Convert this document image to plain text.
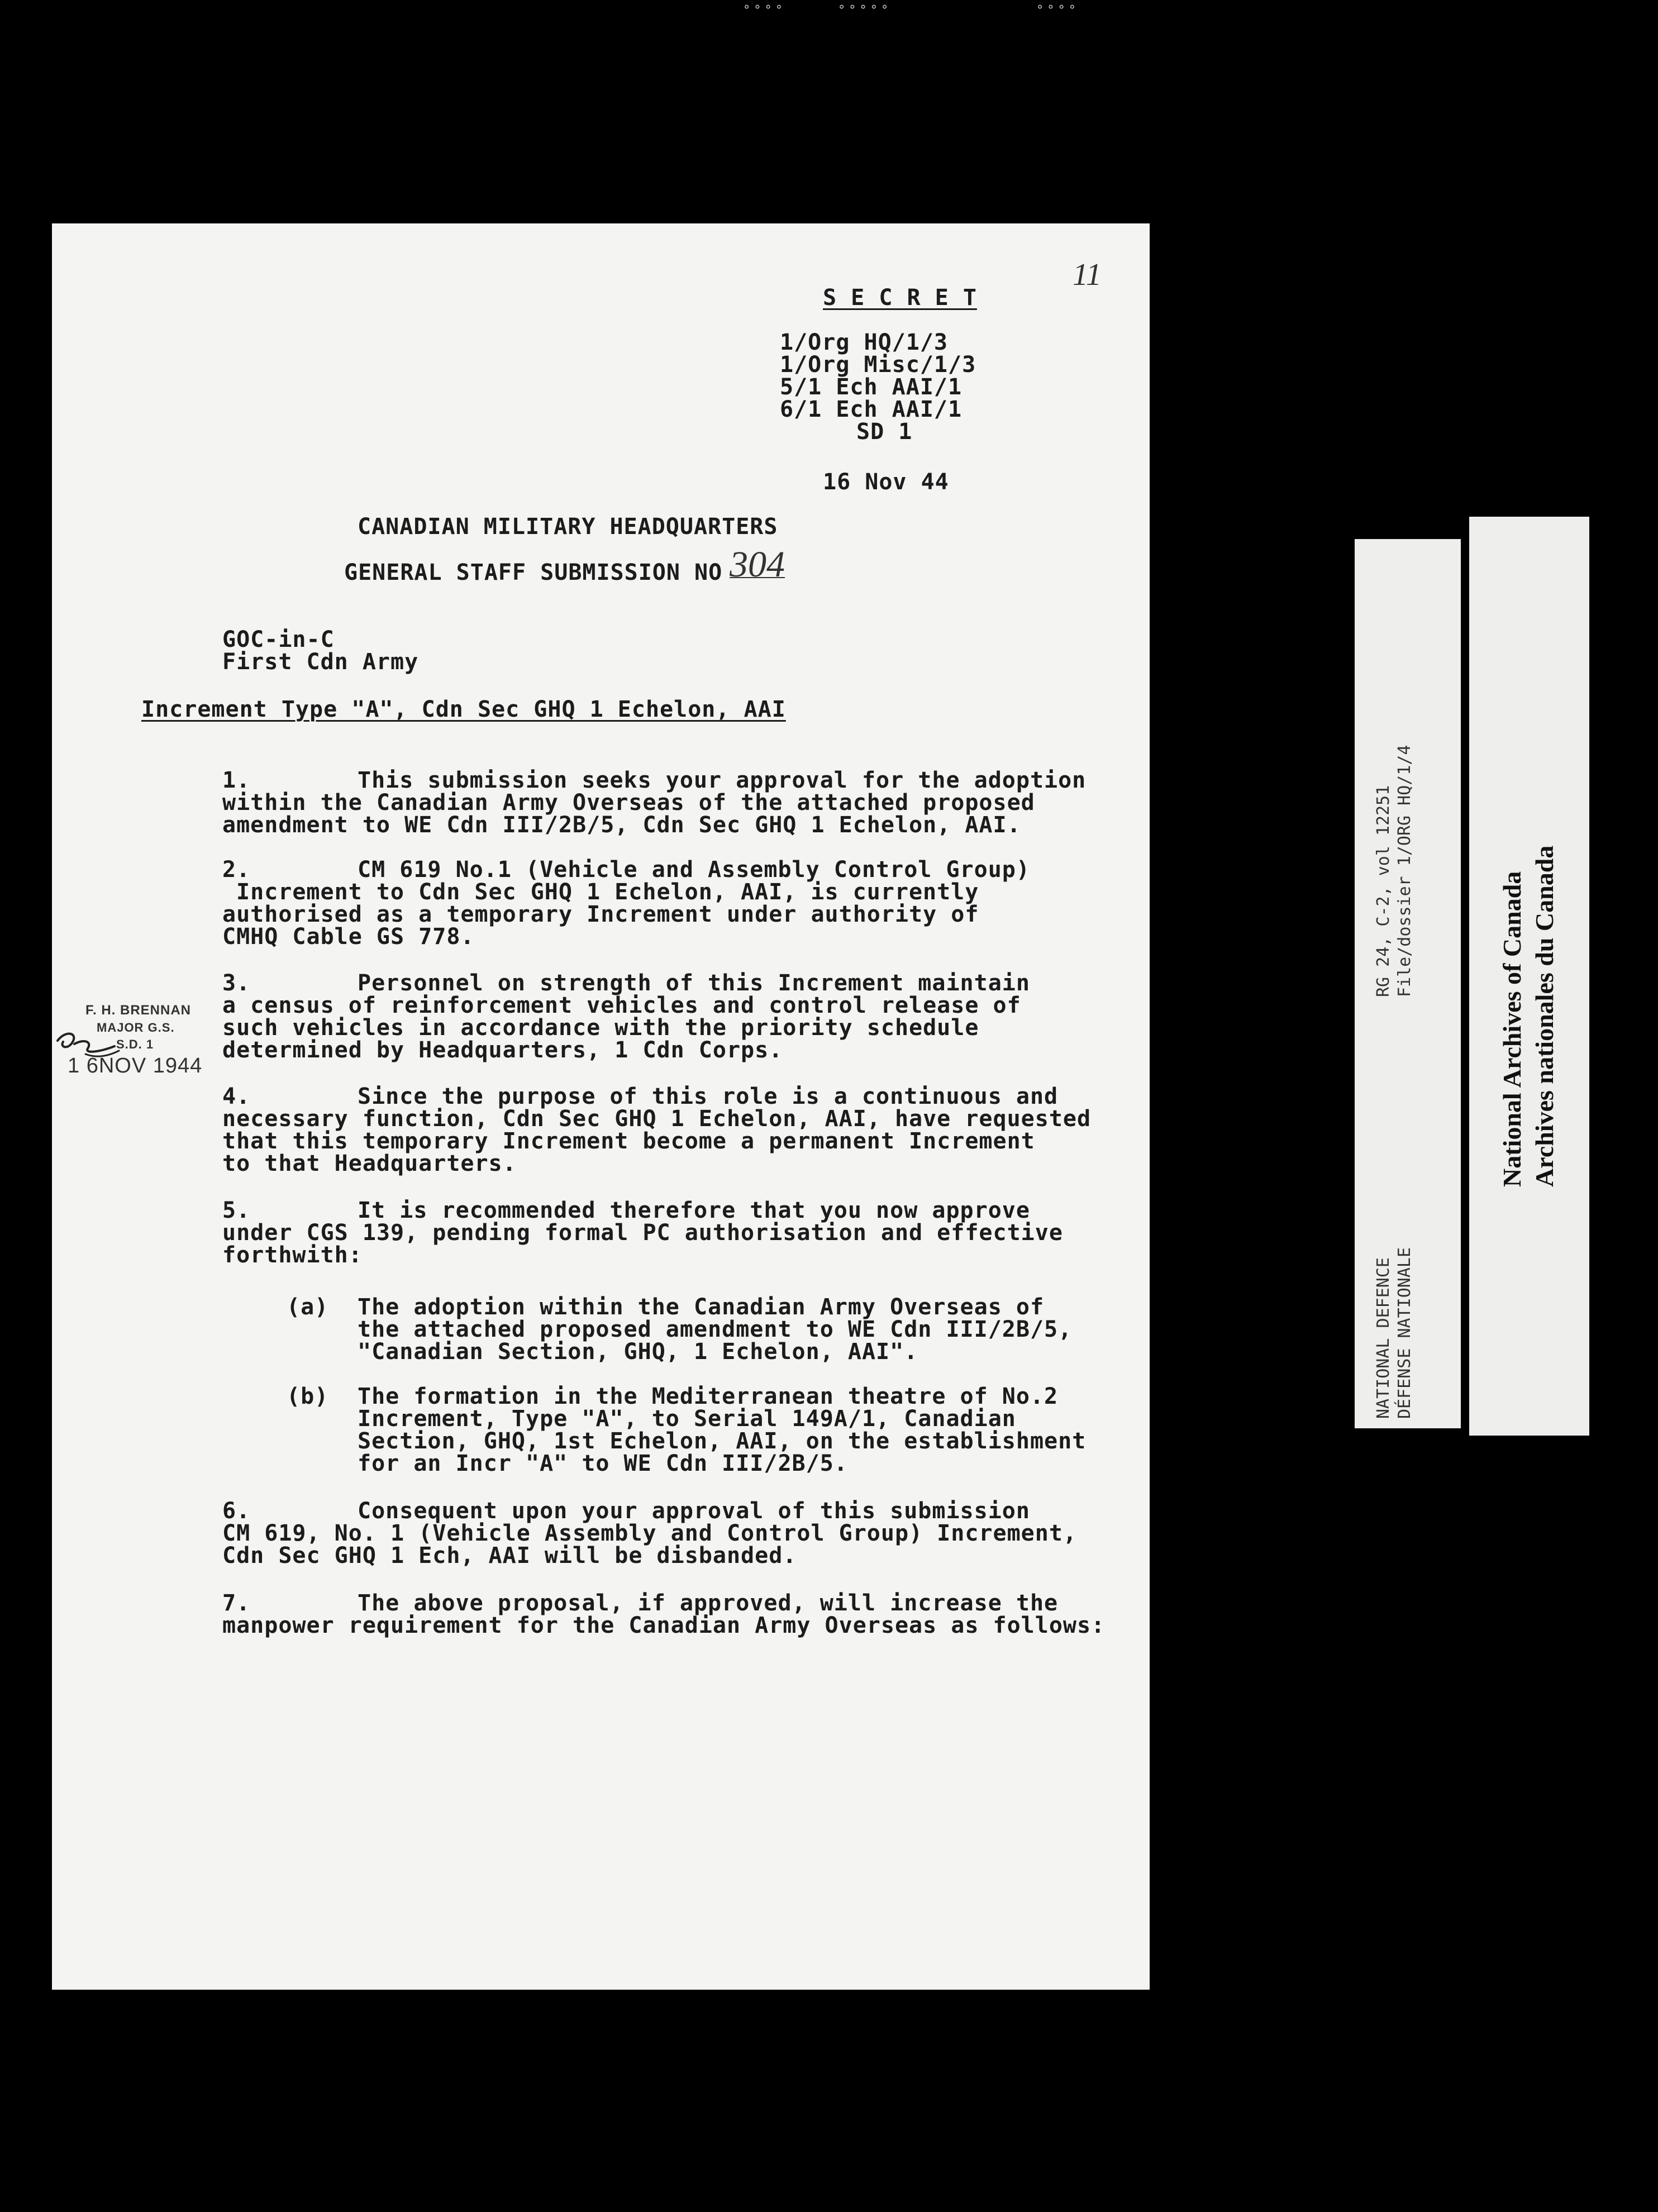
∘∘∘∘	∘∘∘∘∘	∘∘∘∘
S E C R E T
11
1/Org HQ/1/3
1/Org Misc/1/3
5/1 Ech AAI/1
6/1 Ech AAI/1
SD 1
16 Nov 44
CANADIAN MILITARY HEADQUARTERS
GENERAL STAFF SUBMISSION NO 304
GOC-in-C
First Cdn Army
Increment Type "A", Cdn Sec GHQ 1 Echelon, AAI
1.	This submission seeks your approval for the adoption
within the Canadian Army Overseas of the attached proposed
amendment to WE Cdn III/2B/5, Cdn Sec GHQ 1 Echelon, AAI.
2.	CM 619 No.1 (Vehicle and Assembly Control Group)
Increment to Cdn Sec GHQ 1 Echelon, AAI, is currently
authorised as a temporary Increment under authority of
CMHQ Cable GS 778.
3.	Personnel on strength of this Increment maintain
a census of reinforcement vehicles and control release of
such vehicles in accordance with the priority schedule
determined by Headquarters, 1 Cdn Corps.
F. H. BRENNAN
MAJOR G.S.
S.D. 1
1 6NOV 1944
4.	Since the purpose of this role is a continuous and
necessary function, Cdn Sec GHQ 1 Echelon, AAI, have requested
that this temporary Increment become a permanent Increment
to that Headquarters.
5.	It is recommended therefore that you now approve
under CGS 139, pending formal PC authorisation and effective
forthwith:
(a) The adoption within the Canadian Army Overseas of
the attached proposed amendment to WE Cdn III/2B/5,
"Canadian Section, GHQ, 1 Echelon, AAI".
(b) The formation in the Mediterranean theatre of No.2
Increment, Type "A", to Serial 149A/1, Canadian
Section, GHQ, 1st Echelon, AAI, on the establishment
for an Incr "A" to WE Cdn III/2B/5.
6.	Consequent upon your approval of this submission
CM 619, No. 1 (Vehicle Assembly and Control Group) Increment,
Cdn Sec GHQ 1 Ech, AAI will be disbanded.
7.	The above proposal, if approved, will increase the
manpower requirement for the Canadian Army Overseas as follows:
RG 24, C-2, vol 12251 File/dossier 1/ORG HQ/1/4
NATIONAL DEFENCE DÉFENSE NATIONALE
National Archives of Canada Archives nationales du Canada
